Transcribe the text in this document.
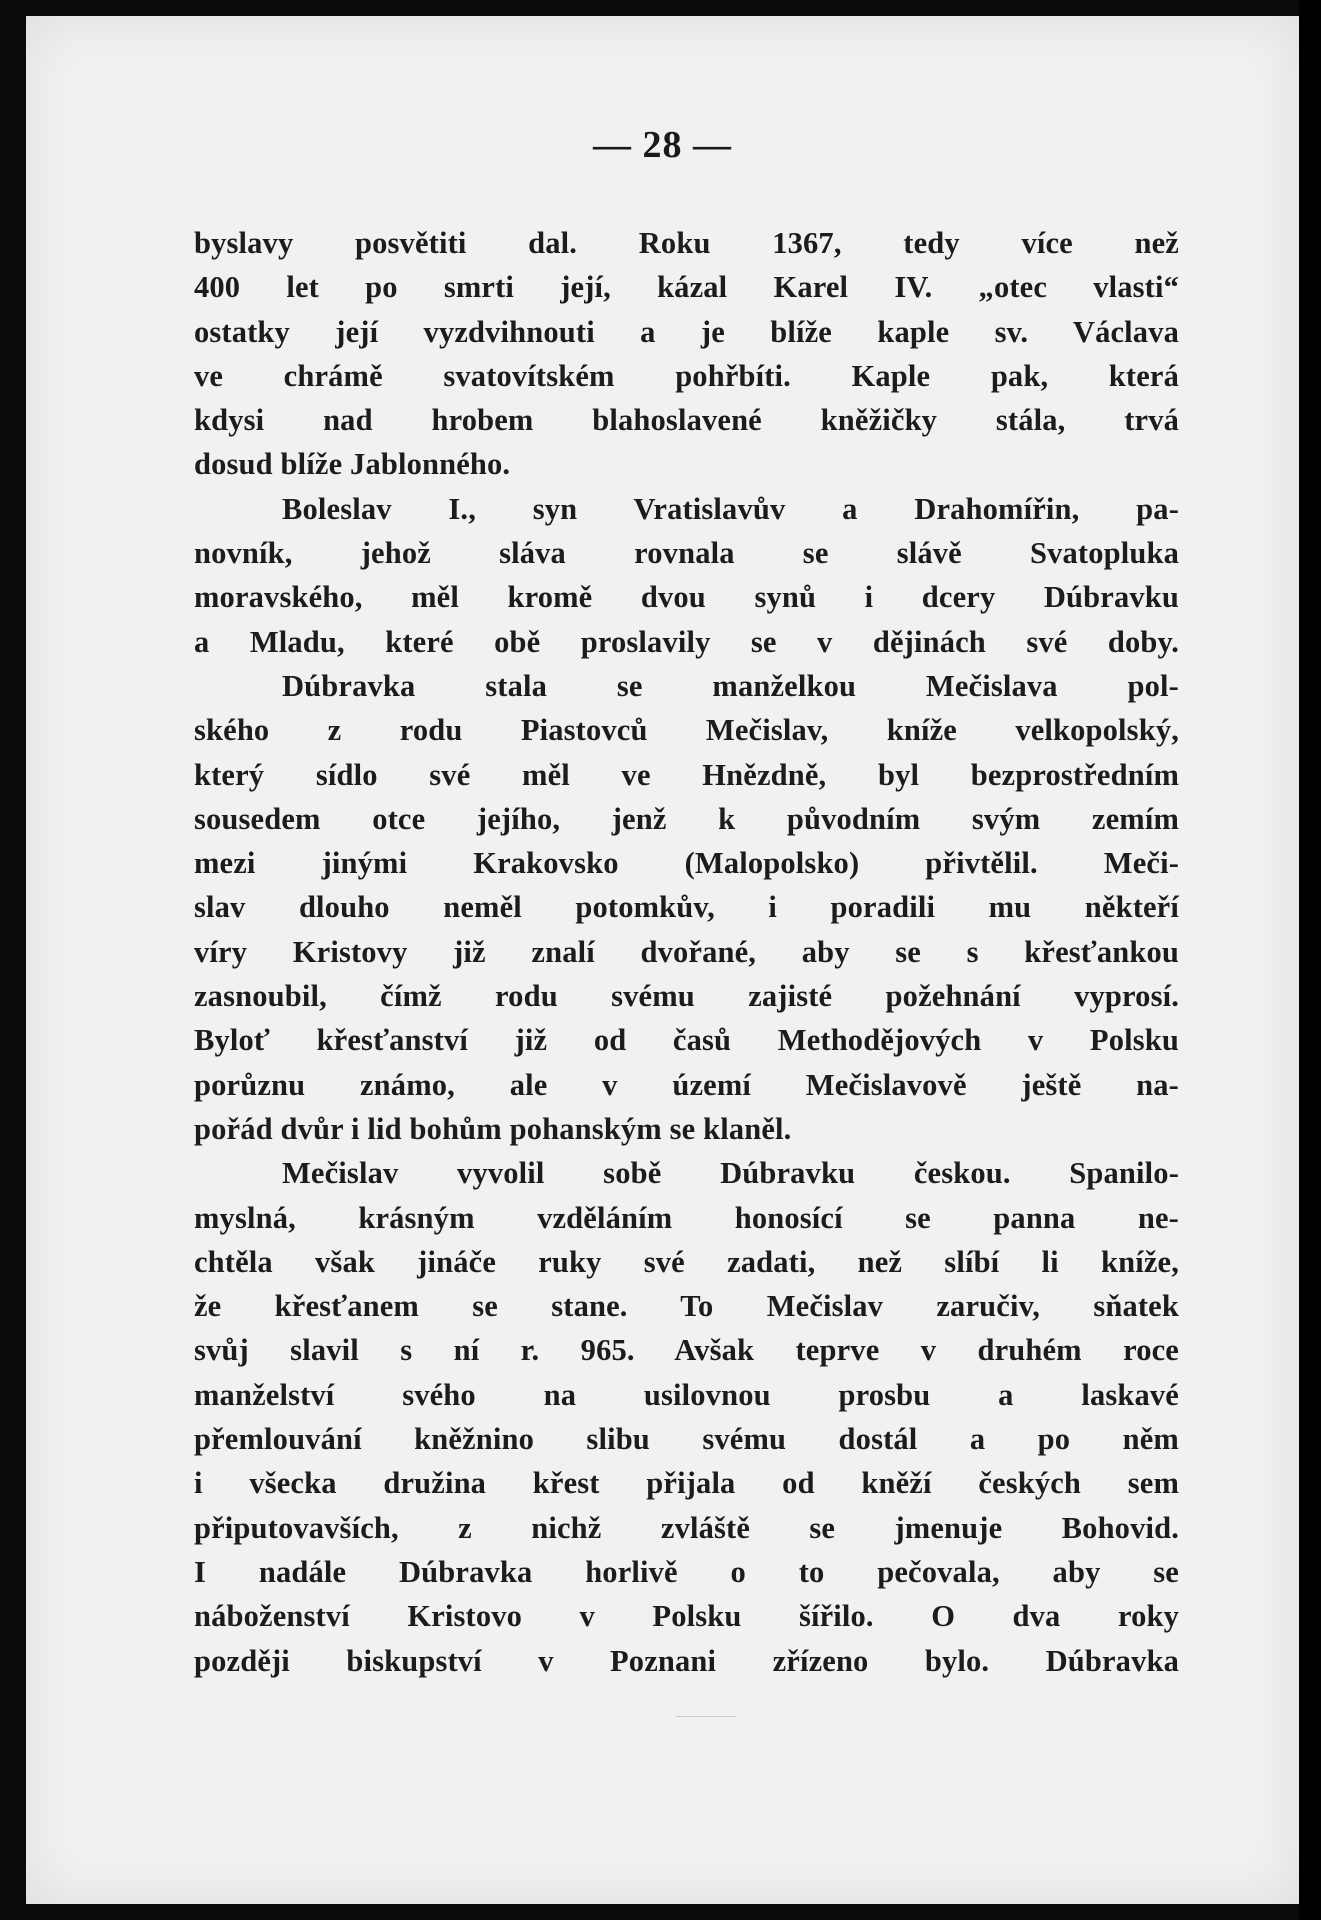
— 28 —
byslavy posvětiti dal. Roku 1367, tedy více než
400 let po smrti její, kázal Karel IV. „otec vlasti“
ostatky její vyzdvihnouti a je blíže kaple sv. Václava
ve chrámě svatovítském pohřbíti. Kaple pak, která
kdysi nad hrobem blahoslavené kněžičky stála, trvá
dosud blíže Jablonného.
Boleslav I., syn Vratislavův a Drahomířin, pa-
novník, jehož sláva rovnala se slávě Svatopluka
moravského, měl kromě dvou synů i dcery Dúbravku
a Mladu, které obě proslavily se v dějinách své doby.
Dúbravka stala se manželkou Mečislava pol-
ského z rodu Piastovců Mečislav, kníže velkopolský,
který sídlo své měl ve Hnězdně, byl bezprostředním
sousedem otce jejího, jenž k původním svým zemím
mezi jinými Krakovsko (Malopolsko) přivtělil. Meči-
slav dlouho neměl potomkův, i poradili mu někteří
víry Kristovy již znalí dvořané, aby se s křesťankou
zasnoubil, čímž rodu svému zajisté požehnání vyprosí.
Byloť křesťanství již od časů Methodějových v Polsku
porůznu známo, ale v území Mečislavově ještě na-
pořád dvůr i lid bohům pohanským se klaněl.
Mečislav vyvolil sobě Dúbravku českou. Spanilo-
myslná, krásným vzděláním honosící se panna ne-
chtěla však jináče ruky své zadati, než slíbí li kníže,
že křesťanem se stane. To Mečislav zaručiv, sňatek
svůj slavil s ní r. 965. Avšak teprve v druhém roce
manželství svého na usilovnou prosbu a laskavé
přemlouvání kněžnino slibu svému dostál a po něm
i všecka družina křest přijala od kněží českých sem
připutovavších, z nichž zvláště se jmenuje Bohovid.
I nadále Dúbravka horlivě o to pečovala, aby se
náboženství Kristovo v Polsku šířilo. O dva roky
později biskupství v Poznani zřízeno bylo. Dúbravka
